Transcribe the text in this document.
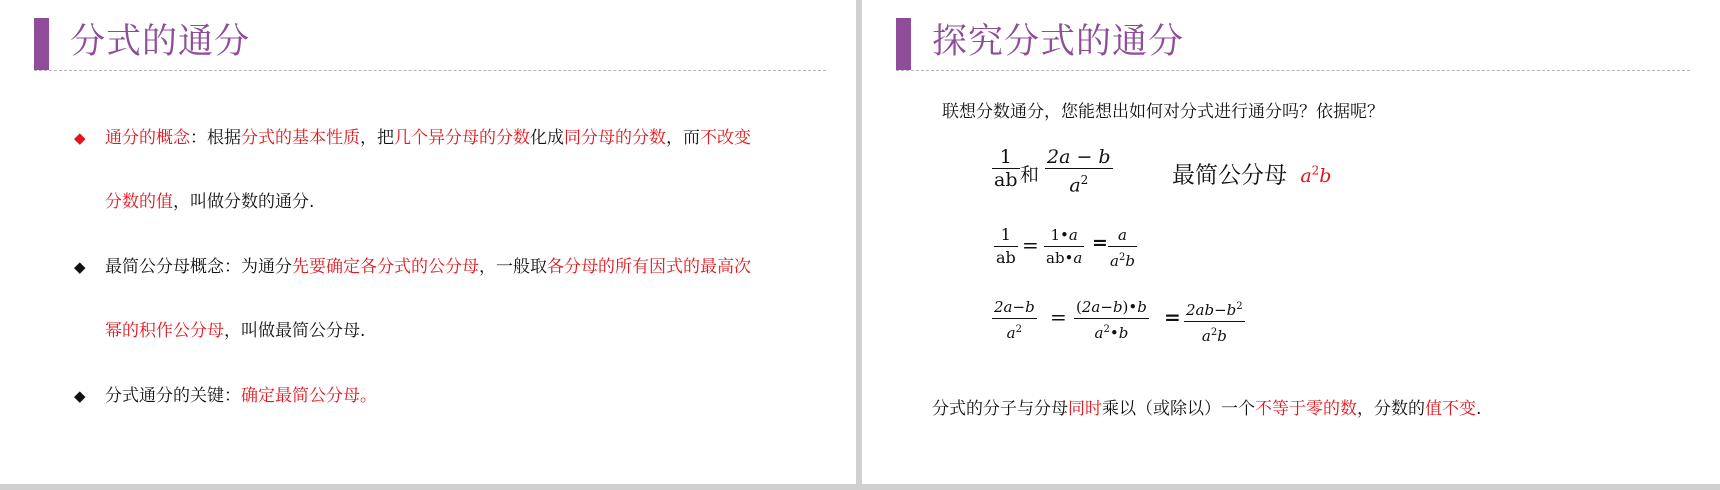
分式的通分
◆ 通分的概念：根据分式的基本性质，把几个异分母的分数化成同分母的分数，而不改变
分数的值，叫做分数的通分.
◆ 最简公分母概念：为通分先要确定各分式的公分母，一般取各分母的所有因式的最高次
幂的积作公分母，叫做最简公分母.
◆ 分式通分的关键：确定最简公分母。
探究分式的通分
联想分数通分，您能想出如何对分式进行通分吗？依据呢？
1
ab 和
2a − b
$a^2$	最简公分母 $a^2b$
1
ab
= 1•a
ab•a
= a
$a^2b$
2a−b
$a^2$
= (2a−b)•b
$a^2•b$
= $2ab-b^2$
$a^2b$
分式的分子与分母同时乘以（或除以）一个不等于零的数，分数的值不变.
